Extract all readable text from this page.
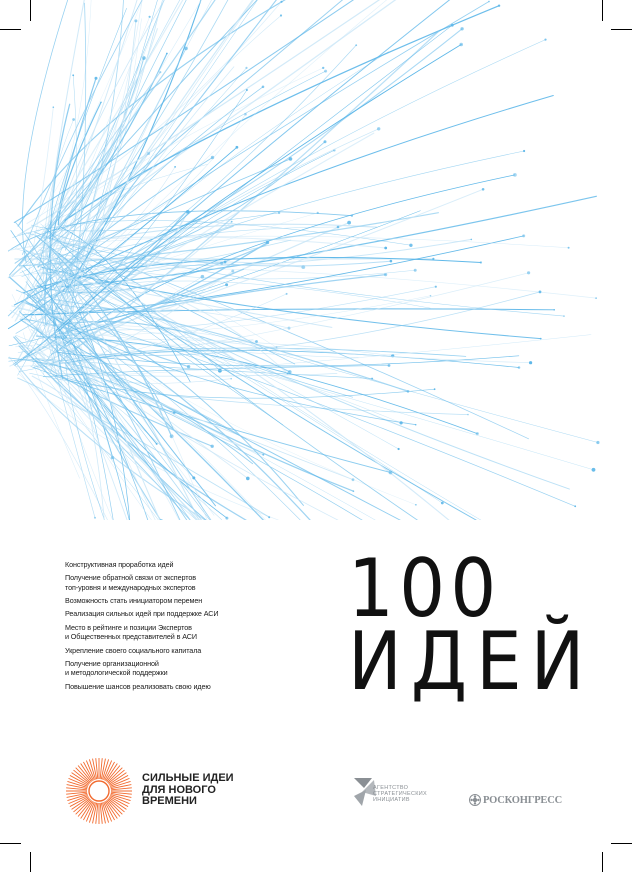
Конструктивная проработка идей
Получение обратной связи от экспертов
топ-уровня и международных экспертов
Возможность стать инициатором перемен
Реализация сильных идей при поддержке АСИ
Место в рейтинге и позиции Экспертов
и Общественных представителей в АСИ
Укрепление своего социального капитала
Получение организационной
и методологической поддержки
Повышение шансов реализовать свою идею
100
ИДЕЙ
СИЛЬНЫЕ ИДЕИ
ДЛЯ НОВОГО
ВРЕМЕНИ
АГЕНТСТВО
СТРАТЕГИЧЕСКИХ
ИНИЦИАТИВ	РОСКОНГРЕСС
